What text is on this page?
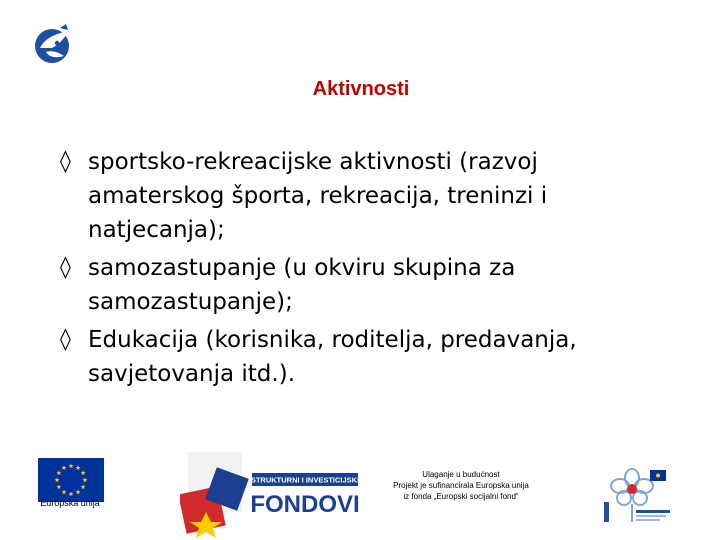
Aktivnosti
◊ sportsko-rekreacijske aktivnosti (razvoj
amaterskog športa, rekreacija, treninzi i
natjecanja);
◊ samozastupanje (u okviru skupina za
samozastupanje);
◊ Edukacija (korisnika, roditelja, predavanja,
savjetovanja itd.).
Europska unija
STRUKTURNI I INVESTICIJSKI
FONDOVI
Ulaganje u budućnost
Projekt je sufinancirala Europska unija
iz fonda „Europski socijalni fond“
